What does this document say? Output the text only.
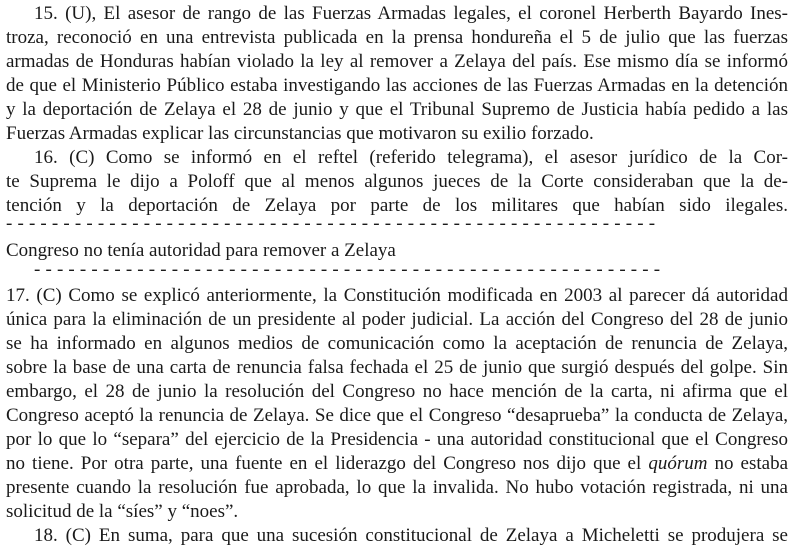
15. (U), El asesor de rango de las Fuerzas Armadas legales, el coronel Herberth Bayardo Ines-
troza, reconoció en una entrevista publicada en la prensa hondureña el 5 de julio que las fuerzas
armadas de Honduras habían violado la ley al remover a Zelaya del país. Ese mismo día se informó
de que el Ministerio Público estaba investigando las acciones de las Fuerzas Armadas en la detención
y la deportación de Zelaya el 28 de junio y que el Tribunal Supremo de Justicia había pedido a las
Fuerzas Armadas explicar las circunstancias que motivaron su exilio forzado.
16. (C) Como se informó en el reftel (referido telegrama), el asesor jurídico de la Cor-
te Suprema le dijo a Poloff que al menos algunos jueces de la Corte consideraban que la de-
tención y la deportación de Zelaya por parte de los militares que habían sido ilegales.
- - - - - - - - - - - - - - - - - - - - - - - - - - - - - - - - - - - - - - - - - - - - - - - - - - - - - - - - -
Congreso no tenía autoridad para remover a Zelaya
- - - - - - - - - - - - - - - - - - - - - - - - - - - - - - - - - - - - - - - - - - - - - - - - - - - - - - -
17. (C) Como se explicó anteriormente, la Constitución modificada en 2003 al parecer dá autoridad
única para la eliminación de un presidente al poder judicial. La acción del Congreso del 28 de junio
se ha informado en algunos medios de comunicación como la aceptación de renuncia de Zelaya,
sobre la base de una carta de renuncia falsa fechada el 25 de junio que surgió después del golpe. Sin
embargo, el 28 de junio la resolución del Congreso no hace mención de la carta, ni afirma que el
Congreso aceptó la renuncia de Zelaya. Se dice que el Congreso “desaprueba” la conducta de Zelaya,
por lo que lo “separa” del ejercicio de la Presidencia - una autoridad constitucional que el Congreso
no tiene. Por otra parte, una fuente en el liderazgo del Congreso nos dijo que el quórum no estaba
presente cuando la resolución fue aprobada, lo que la invalida. No hubo votación registrada, ni una
solicitud de la “síes” y “noes”.
18. (C) En suma, para que una sucesión constitucional de Zelaya a Micheletti se produjera se
